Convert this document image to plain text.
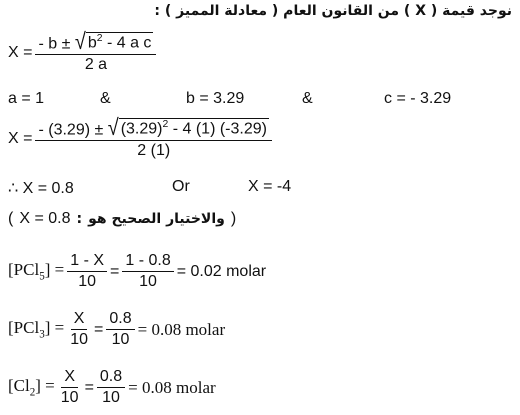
نوجد قيمة ( X ) من القانون العام ( معادلة المميز ) :
$X = \frac{- b \pm √ b^2 - 4 a c}{2 a}$
a = 1	&	b = 3.29	&	c = - 3.29
$X = \frac{- (3.29) \pm √ (3.29)^2 - 4 (1) (-3.29)}{2 (1)}$
∴ X = 0.8	Or	X = -4
( X = 0.8 : والاختيار الصحيح هو )
$[PCl_5] = \frac{1 - X}{10} = \frac{1 - 0.8}{10} = 0.02$ molar
$[PCl_3] = \frac{X}{10} = \frac{0.8}{10} = 0.08$ molar
$[Cl_2] = \frac{X}{10} = \frac{0.8}{10} = 0.08$ molar
